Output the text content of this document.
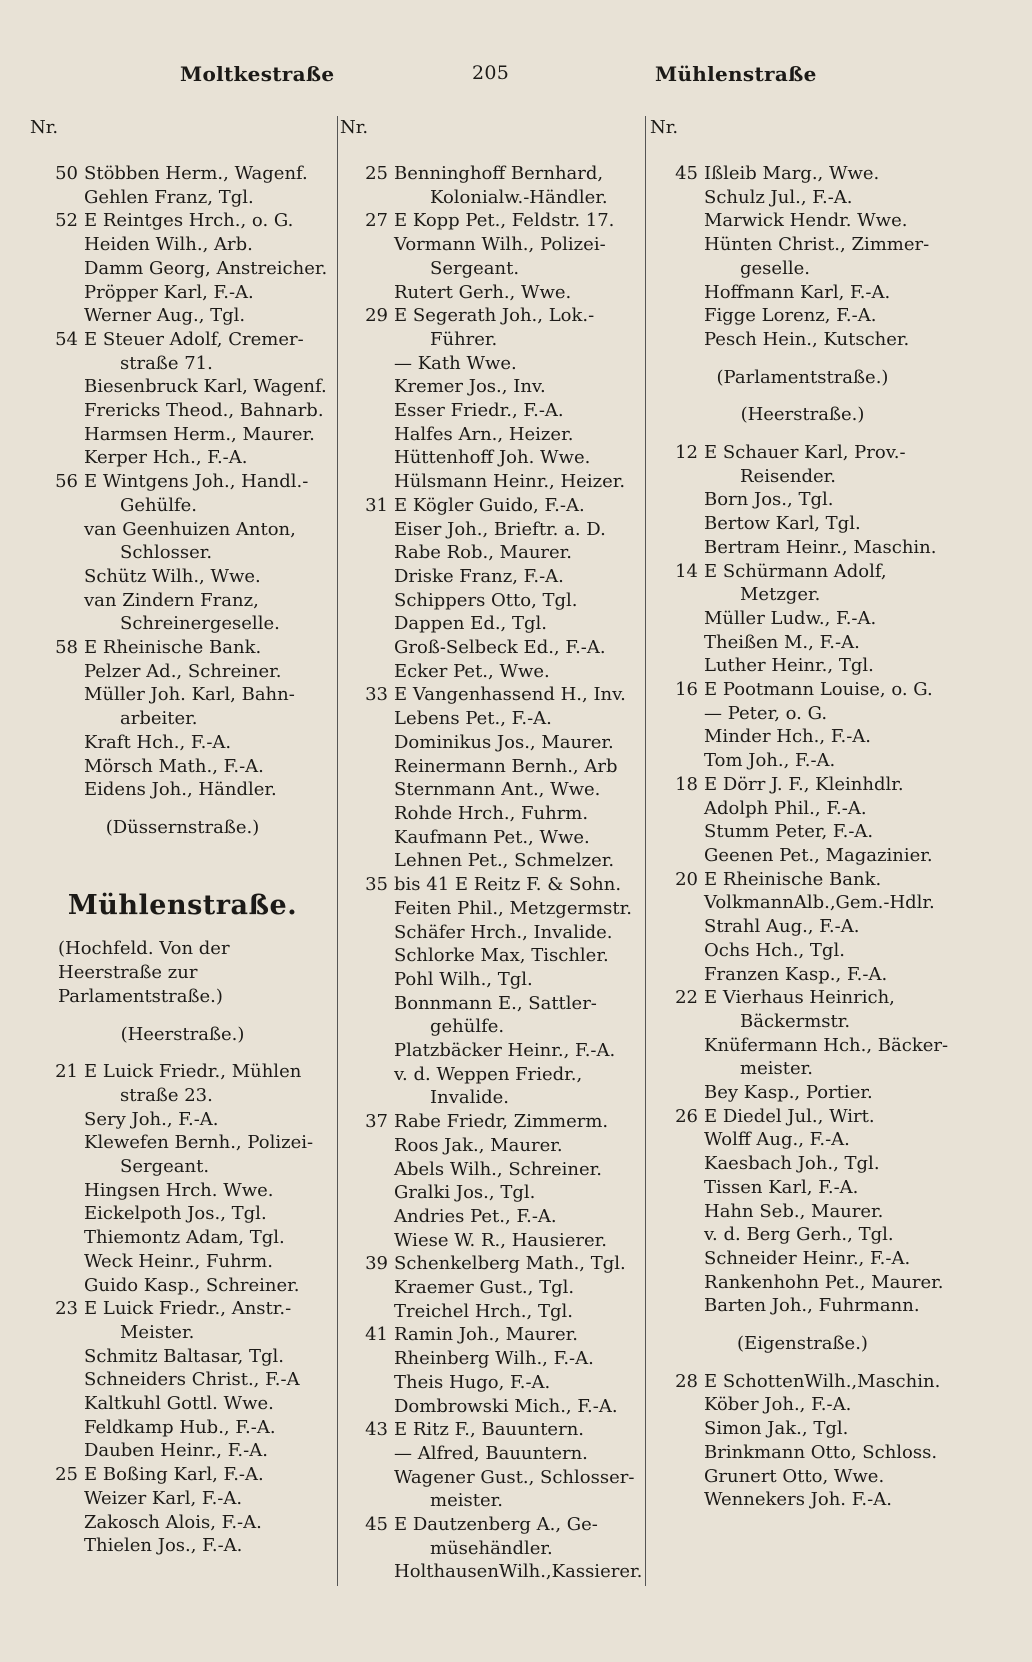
Moltkestraße	205	Mühlenstraße
Nr.
50 Stöbben Herm., Wagenf.
Gehlen Franz, Tgl.
52 E Reintges Hrch., o. G.
Heiden Wilh., Arb.
Damm Georg, Anstreicher.
Pröpper Karl, F.-A.
Werner Aug., Tgl.
54 E Steuer Adolf, Cremer-
straße 71.
Biesenbruck Karl, Wagenf.
Frericks Theod., Bahnarb.
Harmsen Herm., Maurer.
Kerper Hch., F.-A.
56 E Wintgens Joh., Handl.-
Gehülfe.
van Geenhuizen Anton,
Schlosser.
Schütz Wilh., Wwe.
van Zindern Franz,
Schreinergeselle.
58 E Rheinische Bank.
Pelzer Ad., Schreiner.
Müller Joh. Karl, Bahn-
arbeiter.
Kraft Hch., F.-A.
Mörsch Math., F.-A.
Eidens Joh., Händler.
(Düssernstraße.)
Mühlenstraße.
(Hochfeld. Von der Heerstraße zur Parlamentstraße.)
(Heerstraße.)
21 E Luick Friedr., Mühlen
straße 23.
Sery Joh., F.-A.
Klewefen Bernh., Polizei-
Sergeant.
Hingsen Hrch. Wwe.
Eickelpoth Jos., Tgl.
Thiemontz Adam, Tgl.
Weck Heinr., Fuhrm.
Guido Kasp., Schreiner.
23 E Luick Friedr., Anstr.-
Meister.
Schmitz Baltasar, Tgl.
Schneiders Christ., F.-A
Kaltkuhl Gottl. Wwe.
Feldkamp Hub., F.-A.
Dauben Heinr., F.-A.
25 E Boßing Karl, F.-A.
Weizer Karl, F.-A.
Zakosch Alois, F.-A.
Thielen Jos., F.-A.
Nr.
25 Benninghoff Bernhard,
Kolonialw.-Händler.
27 E Kopp Pet., Feldstr. 17.
Vormann Wilh., Polizei-
Sergeant.
Rutert Gerh., Wwe.
29 E Segerath Joh., Lok.-
Führer.
— Kath Wwe.
Kremer Jos., Inv.
Esser Friedr., F.-A.
Halfes Arn., Heizer.
Hüttenhoff Joh. Wwe.
Hülsmann Heinr., Heizer.
31 E Kögler Guido, F.-A.
Eiser Joh., Brieftr. a. D.
Rabe Rob., Maurer.
Driske Franz, F.-A.
Schippers Otto, Tgl.
Dappen Ed., Tgl.
Groß-Selbeck Ed., F.-A.
Ecker Pet., Wwe.
33 E Vangenhassend H., Inv.
Lebens Pet., F.-A.
Dominikus Jos., Maurer.
Reinermann Bernh., Arb
Sternmann Ant., Wwe.
Rohde Hrch., Fuhrm.
Kaufmann Pet., Wwe.
Lehnen Pet., Schmelzer.
35 bis 41 E Reitz F. & Sohn.
Feiten Phil., Metzgermstr.
Schäfer Hrch., Invalide.
Schlorke Max, Tischler.
Pohl Wilh., Tgl.
Bonnmann E., Sattler-
gehülfe.
Platzbäcker Heinr., F.-A.
v. d. Weppen Friedr.,
Invalide.
37 Rabe Friedr, Zimmerm.
Roos Jak., Maurer.
Abels Wilh., Schreiner.
Gralki Jos., Tgl.
Andries Pet., F.-A.
Wiese W. R., Hausierer.
39 Schenkelberg Math., Tgl.
Kraemer Gust., Tgl.
Treichel Hrch., Tgl.
41 Ramin Joh., Maurer.
Rheinberg Wilh., F.-A.
Theis Hugo, F.-A.
Dombrowski Mich., F.-A.
43 E Ritz F., Bauuntern.
— Alfred, Bauuntern.
Wagener Gust., Schlosser-
meister.
45 E Dautzenberg A., Ge-
müsehändler.
HolthausenWilh.,Kassierer.
Nr.
45 Ißleib Marg., Wwe.
Schulz Jul., F.-A.
Marwick Hendr. Wwe.
Hünten Christ., Zimmer-
geselle.
Hoffmann Karl, F.-A.
Figge Lorenz, F.-A.
Pesch Hein., Kutscher.
(Parlamentstraße.)
(Heerstraße.)
12 E Schauer Karl, Prov.-
Reisender.
Born Jos., Tgl.
Bertow Karl, Tgl.
Bertram Heinr., Maschin.
14 E Schürmann Adolf,
Metzger.
Müller Ludw., F.-A.
Theißen M., F.-A.
Luther Heinr., Tgl.
16 E Pootmann Louise, o. G.
— Peter, o. G.
Minder Hch., F.-A.
Tom Joh., F.-A.
18 E Dörr J. F., Kleinhdlr.
Adolph Phil., F.-A.
Stumm Peter, F.-A.
Geenen Pet., Magazinier.
20 E Rheinische Bank.
VolkmannAlb.,Gem.-Hdlr.
Strahl Aug., F.-A.
Ochs Hch., Tgl.
Franzen Kasp., F.-A.
22 E Vierhaus Heinrich,
Bäckermstr.
Knüfermann Hch., Bäcker-
meister.
Bey Kasp., Portier.
26 E Diedel Jul., Wirt.
Wolff Aug., F.-A.
Kaesbach Joh., Tgl.
Tissen Karl, F.-A.
Hahn Seb., Maurer.
v. d. Berg Gerh., Tgl.
Schneider Heinr., F.-A.
Rankenhohn Pet., Maurer.
Barten Joh., Fuhrmann.
(Eigenstraße.)
28 E SchottenWilh.,Maschin.
Köber Joh., F.-A.
Simon Jak., Tgl.
Brinkmann Otto, Schloss.
Grunert Otto, Wwe.
Wennekers Joh. F.-A.
